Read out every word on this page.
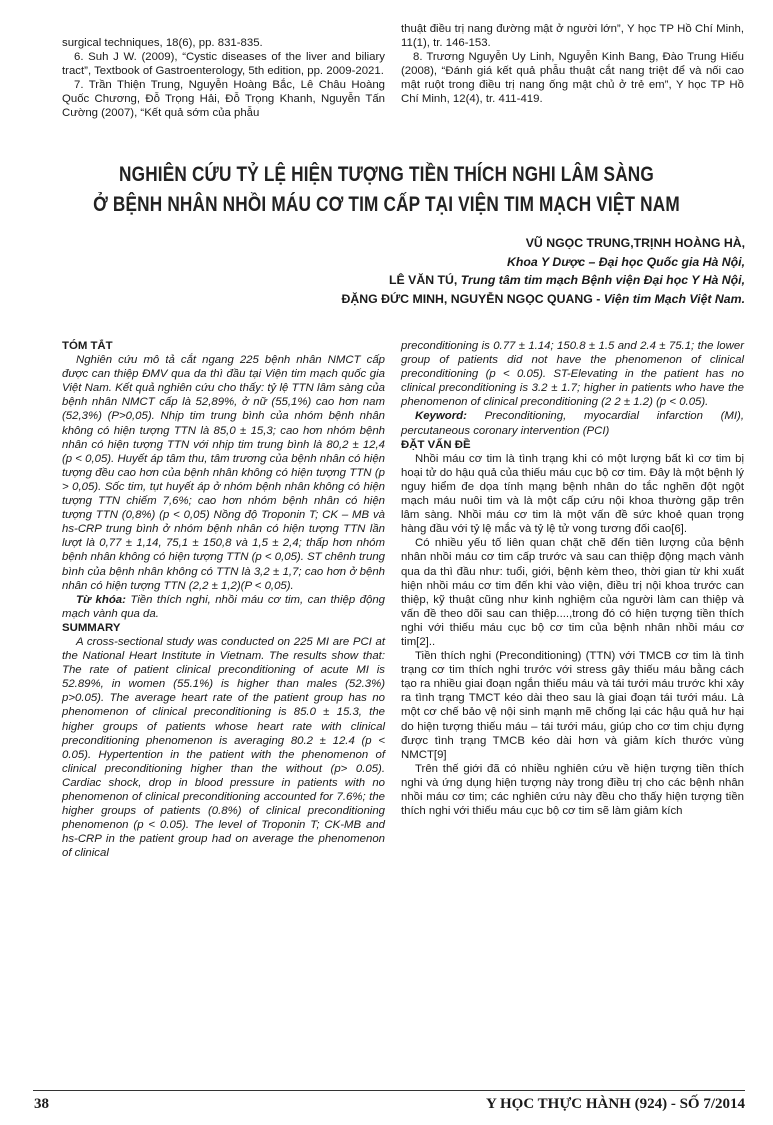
surgical techniques, 18(6), pp. 831-835.

6. Suh J W. (2009), “Cystic diseases of the liver and biliary tract”, Textbook of Gastroenterology, 5th edition, pp. 2009-2021.

7. Trần Thiện Trung, Nguyễn Hoàng Bắc, Lê Châu Hoàng Quốc Chương, Đỗ Trọng Hải, Đỗ Trọng Khanh, Nguyễn Tấn Cường (2007), “Kết quả sớm của phẫu

thuật điều trị nang đường mật ở người lớn”, Y học TP Hồ Chí Minh, 11(1), tr. 146-153.

8. Trương Nguyễn Uy Linh, Nguyễn Kinh Bang, Đào Trung Hiếu (2008), “Đánh giá kết quả phẫu thuật cắt nang triệt để và nối cao mật ruột trong điều trị nang ống mật chủ ở trẻ em”, Y học TP Hồ Chí Minh, 12(4), tr. 411-419.

NGHIÊN CỨU TỶ LỆ HIỆN TƯỢNG TIỀN THÍCH NGHI LÂM SÀNG
Ở BỆNH NHÂN NHỒI MÁU CƠ TIM CẤP TẠI VIỆN TIM MẠCH VIỆT NAM
VŨ NGỌC TRUNG,TRỊNH HOÀNG HÀ,
Khoa Y Dược – Đại học Quốc gia Hà Nội,
LÊ VĂN TÚ, Trung tâm tim mạch Bệnh viện Đại học Y Hà Nội,
ĐẶNG ĐỨC MINH, NGUYỄN NGỌC QUANG - Viện tim Mạch Việt Nam.

TÓM TẮT

Nghiên cứu mô tả cắt ngang 225 bệnh nhân NMCT cấp được can thiệp ĐMV qua da thì đầu tại Viện tim mạch quốc gia Việt Nam. Kết quả nghiên cứu cho thấy: tỷ lệ TTN lâm sàng của bệnh nhân NMCT cấp là 52,89%, ở nữ (55,1%) cao hơn nam (52,3%) (P>0,05). Nhịp tim trung bình của nhóm bệnh nhân không có hiện tượng TTN là 85,0 ± 15,3; cao hơn nhóm bệnh nhân có hiện tượng TTN với nhịp tim trung bình là 80,2 ± 12,4 (p < 0,05). Huyết áp tâm thu, tâm trương của bệnh nhân có hiện tượng đều cao hơn của bệnh nhân không có hiện tượng TTN (p > 0,05). Sốc tim, tụt huyết áp ở nhóm bệnh nhân không có hiện tượng TTN chiếm 7,6%; cao hơn nhóm bệnh nhân có hiện tượng TTN (0,8%) (p < 0,05) Nồng độ Troponin T; CK – MB và hs-CRP trung bình ở nhóm bệnh nhân có hiện tượng TTN lần lượt là 0,77 ± 1,14, 75,1 ± 150,8 và 1,5 ± 2,4; thấp hơn nhóm bệnh nhân không có hiện tượng TTN (p < 0,05). ST chênh trung bình của bệnh nhân không có TTN là 3,2 ± 1,7; cao hơn ở bệnh nhân có hiện tượng TTN (2,2 ± 1,2)(P < 0,05).

Từ khóa: Tiền thích nghi, nhồi máu cơ tim, can thiệp động mạch vành qua da.

SUMMARY

A cross-sectional study was conducted on 225 MI are PCI at the National Heart Institute in Vietnam. The results show that: The rate of patient clinical preconditioning of acute MI is 52.89%, in women (55.1%) is higher than males (52.3%) p>0.05). The average heart rate of the patient group has no phenomenon of clinical preconditioning is 85.0 ± 15.3, the higher groups of patients whose heart rate with clinical preconditioning phenomenon is averaging 80.2 ± 12.4 (p < 0.05). Hypertention in the patient with the phenomenon of clinical preconditioning higher than the without (p> 0.05). Cardiac shock, drop in blood pressure in patients with no phenomenon of clinical preconditioning accounted for 7.6%; the higher groups of patients (0.8%) of clinical preconditioning phenomenon (p < 0.05). The level of Troponin T; CK-MB and hs-CRP in the patient group had on average the phenomenon of clinical

preconditioning is 0.77 ± 1.14; 150.8 ± 1.5 and 2.4 ± 75.1; the lower group of patients did not have the phenomenon of clinical preconditioning (p < 0.05). ST-Elevating in the patient has no clinical preconditioning is 3.2 ± 1.7; higher in patients who have the phenomenon of clinical preconditioning (2 2 ± 1.2) (p < 0.05).

Keyword: Preconditioning, myocardial infarction (MI), percutaneous coronary intervention (PCI)

ĐẶT VẤN ĐỀ

Nhồi máu cơ tim là tình trạng khi có một lượng bất kì cơ tim bị hoại tử do hậu quả của thiếu máu cục bộ cơ tim. Đây là một bệnh lý nguy hiểm đe dọa tính mạng bệnh nhân do tắc nghẽn đột ngột mạch máu nuôi tim và là một cấp cứu nội khoa thường gặp trên lâm sàng. Nhồi máu cơ tim là một vấn đề sức khoẻ quan trọng hàng đầu với tỷ lệ mắc và tỷ lệ tử vong tương đối cao[6].

Có nhiều yếu tố liên quan chặt chẽ đến tiên lượng của bệnh nhân nhồi máu cơ tim cấp trước và sau can thiệp động mạch vành qua da thì đầu như: tuổi, giới, bệnh kèm theo, thời gian từ khi xuất hiện nhồi máu cơ tim đến khi vào viện, điều trị nội khoa trước can thiệp, kỹ thuật cũng như kinh nghiệm của người làm can thiệp và vấn đề theo dõi sau can thiệp....,trong đó có hiện tượng tiền thích nghi với thiếu máu cục bộ cơ tim của bệnh nhân nhồi máu cơ tim[2]..

Tiền thích nghi (Preconditioning) (TTN) với TMCB cơ tim là tình trạng cơ tim thích nghi trước với stress gây thiếu máu bằng cách tạo ra nhiều giai đoạn ngắn thiếu máu và tái tưới máu trước khi xảy ra tình trạng TMCT kéo dài theo sau là giai đoạn tái tưới máu. Là một cơ chế bảo vệ nội sinh mạnh mẽ chống lại các hậu quả hư hại do hiện tượng thiếu máu – tái tưới máu, giúp cho cơ tim chịu đựng được tình trạng TMCB kéo dài hơn và giảm kích thước vùng NMCT[9]

Trên thế giới đã có nhiều nghiên cứu về hiện tượng tiền thích nghi và ứng dụng hiện tượng này trong điều trị cho các bệnh nhân nhồi máu cơ tim; các nghiên cứu này đều cho thấy hiện tượng tiền thích nghi với thiếu máu cục bộ cơ tim sẽ làm giảm kích

38	Y HỌC THỰC HÀNH (924) - SỐ 7/2014
